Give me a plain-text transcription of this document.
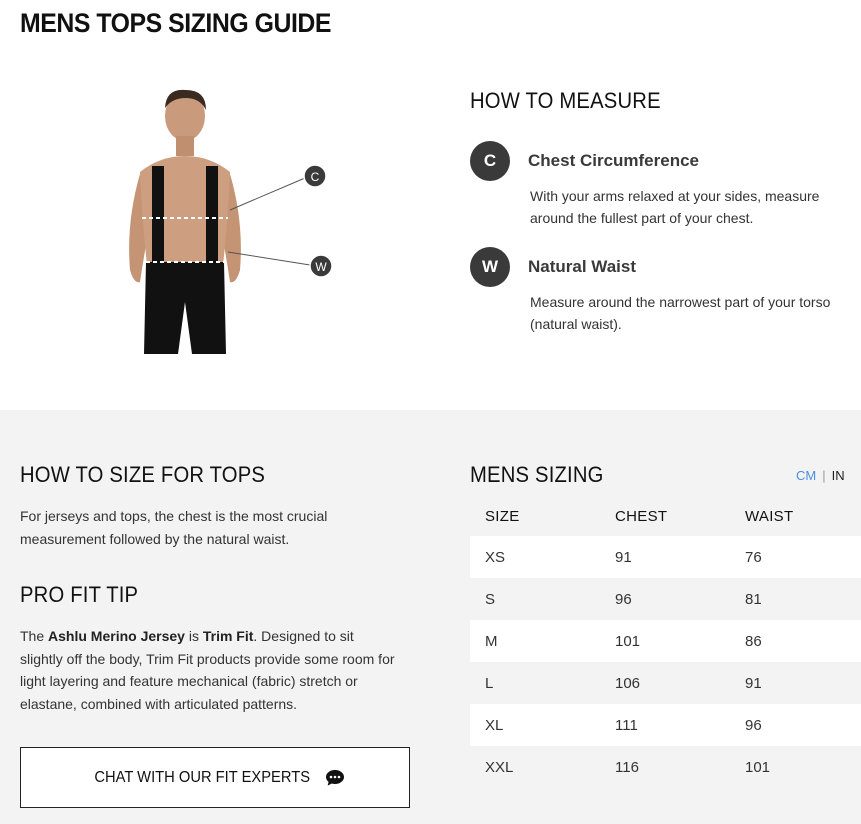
MENS TOPS SIZING GUIDE
C
W
HOW TO MEASURE
C	Chest Circumference
With your arms relaxed at your sides, measure around the fullest part of your chest.
W	Natural Waist
Measure around the narrowest part of your torso (natural waist).
HOW TO SIZE FOR TOPS
For jerseys and tops, the chest is the most crucial measurement followed by the natural waist.
PRO FIT TIP
The Ashlu Merino Jersey is Trim Fit. Designed to sit slightly off the body, Trim Fit products provide some room for light layering and feature mechanical (fabric) stretch or elastane, combined with articulated patterns.
CHAT WITH OUR FIT EXPERTS
MENS SIZING	CM | IN
SIZE	CHEST	WAIST
XS	91	76
S	96	81
M	101	86
L	106	91
XL	111	96
XXL	116	101
